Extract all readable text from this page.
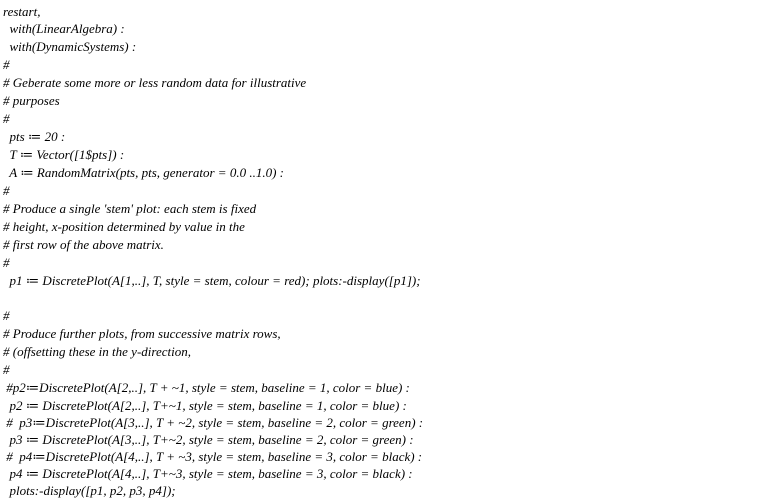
restart,
with(LinearAlgebra) :
with(DynamicSystems) :
#
# Geberate some more or less random data for illustrative
# purposes
#
pts ≔ 20 :
T ≔ Vector([1$pts]) :
A ≔ RandomMatrix(pts, pts, generator = 0.0 ..1.0) :
#
# Produce a single 'stem' plot: each stem is fixed
# height, x-position determined by value in the
# first row of the above matrix.
#
p1 ≔ DiscretePlot(A[1,..], T, style = stem, colour = red); plots:-display([p1]);
#
# Produce further plots, from successive matrix rows,
# (offsetting these in the y-direction,
#
#p2≔DiscretePlot(A[2,..], T + ~1, style = stem, baseline = 1, color = blue) :
p2 ≔ DiscretePlot(A[2,..], T+~1, style = stem, baseline = 1, color = blue) :
#  p3≔DiscretePlot(A[3,..], T + ~2, style = stem, baseline = 2, color = green) :
p3 ≔ DiscretePlot(A[3,..], T+~2, style = stem, baseline = 2, color = green) :
#  p4≔DiscretePlot(A[4,..], T + ~3, style = stem, baseline = 3, color = black) :
p4 ≔ DiscretePlot(A[4,..], T+~3, style = stem, baseline = 3, color = black) :
plots:-display([p1, p2, p3, p4]);
